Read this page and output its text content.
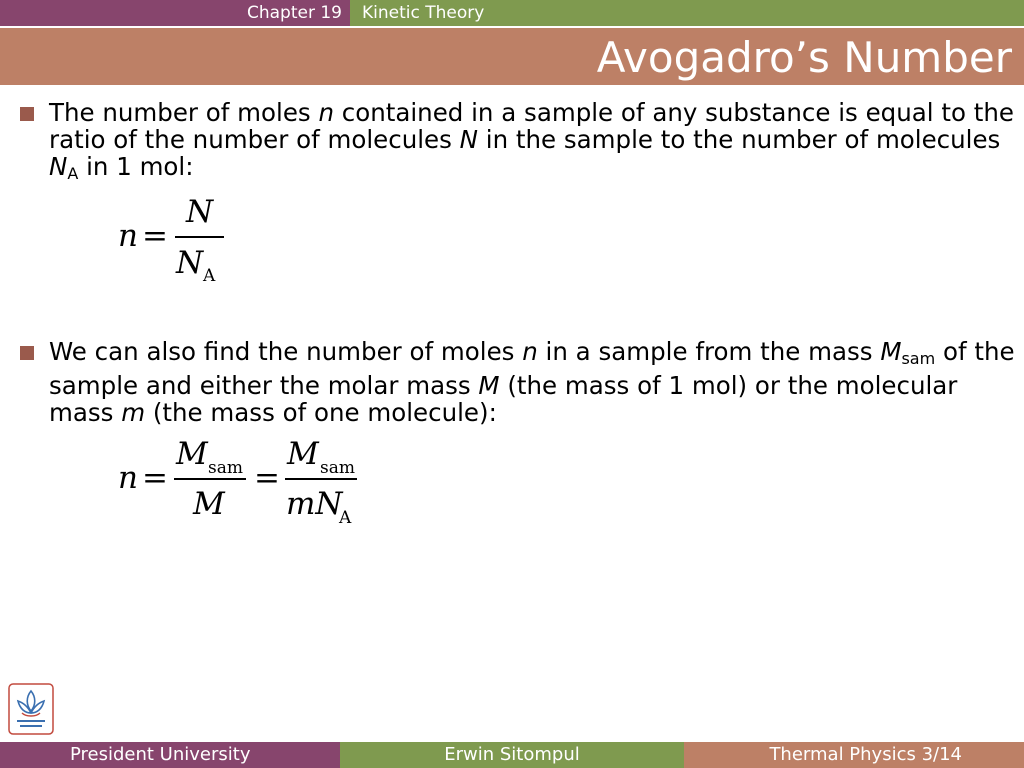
Chapter 19 Kinetic Theory
Avogadro’s Number

The number of moles n contained in a sample of any substance is equal to the ratio of the number of molecules N in the sample to the number of molecules $N_A$ in 1 mol:

n =
N
N A

We can also find the number of moles n in a sample from the mass $M_{sam}$ of the sample and either the molar mass M (the mass of 1 mol) or the molecular mass m (the mass of one molecule):

n =
M sam
M
=
M sam
mN
A
President University	Erwin Sitompul	Thermal Physics 3/14
